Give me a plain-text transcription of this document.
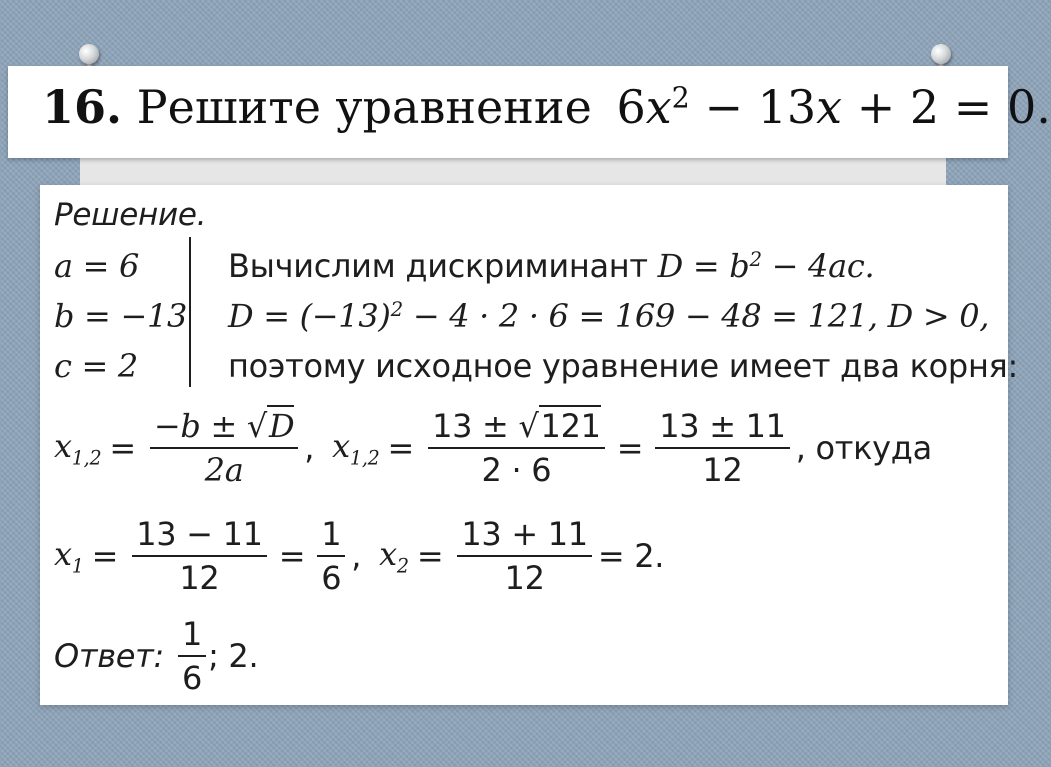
16. Решите уравнение $6x^2 - 13x + 2 = 0$.
Решение.
a = 6
b = −13
c = 2
Вычислим дискриминант $D = b^2 - 4ac$.
$D = (-13)^2 - 4 \cdot 2 \cdot 6 = 169 - 48 = 121$, D > 0,
поэтому исходное уравнение имеет два корня:
$x_{1,2} = \frac{-b \pm √D}{2a}$ , $x_{1,2} = \frac{13 \pm √121}{2 \cdot 6} = \frac{13 \pm 11}{12}$ , откуда
$x_1 = \frac{13 - 11}{12} = \frac{1}{6}$ , $x_2 = \frac{13 + 11}{12} = 2$.
Ответ: $\frac{1}{6}$ ; 2.
